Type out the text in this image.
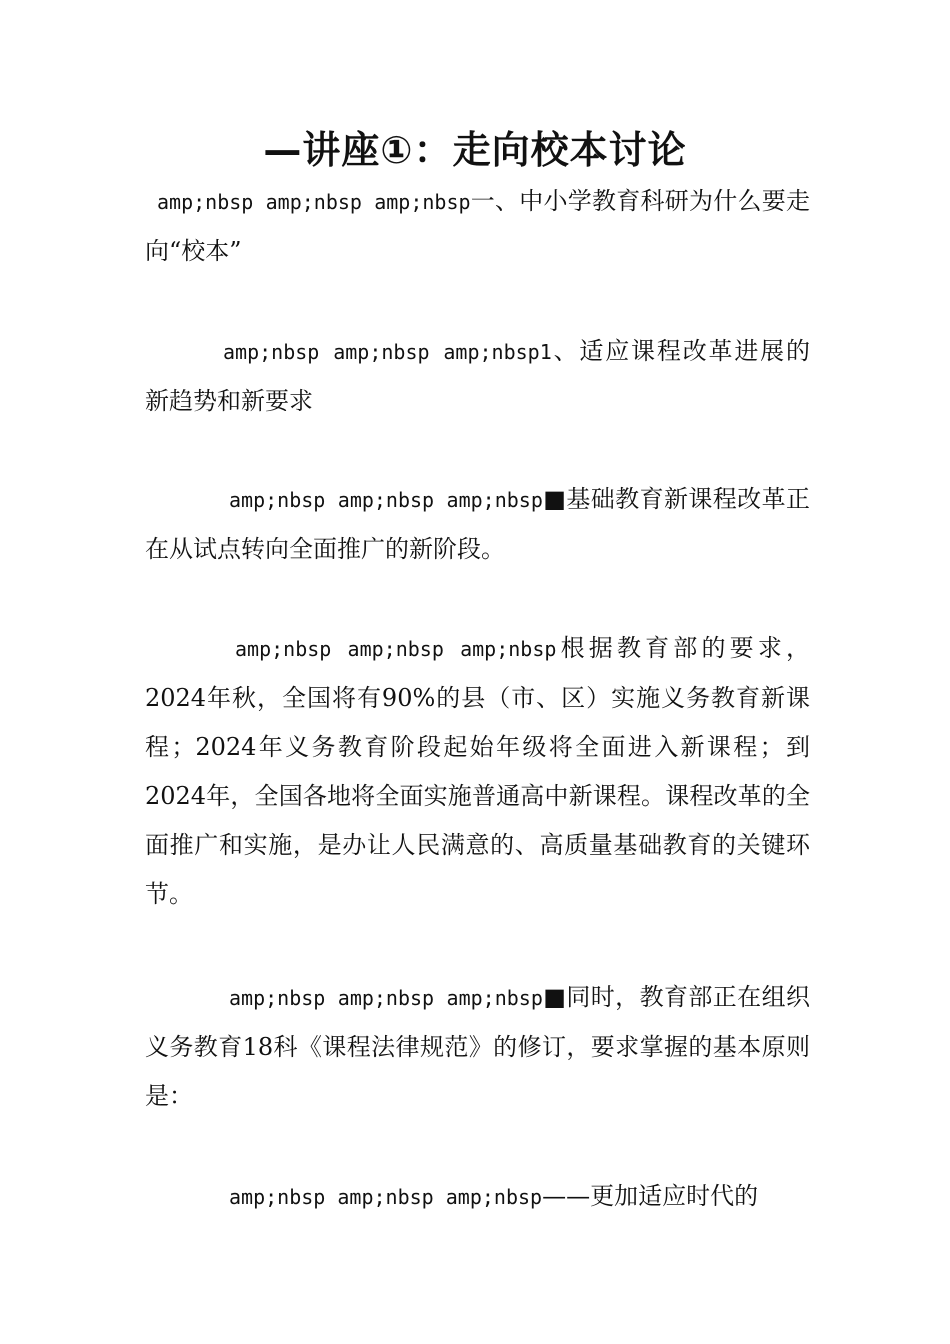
—讲座①：走向校本讨论
amp;nbsp amp;nbsp amp;nbsp一、中小学教育科研为什么要走向“校本”
amp;nbsp amp;nbsp amp;nbsp1、适应课程改革进展的新趋势和新要求
amp;nbsp amp;nbsp amp;nbsp■基础教育新课程改革正在从试点转向全面推广的新阶段。
amp;nbsp amp;nbsp amp;nbsp根据教育部的要求，2024年秋，全国将有90%的县（市、区）实施义务教育新课程；2024年义务教育阶段起始年级将全面进入新课程；到2024年，全国各地将全面实施普通高中新课程。课程改革的全面推广和实施，是办让人民满意的、高质量基础教育的关键环节。
amp;nbsp amp;nbsp amp;nbsp■同时，教育部正在组织义务教育18科《课程法律规范》的修订，要求掌握的基本原则是：
amp;nbsp amp;nbsp amp;nbsp——更加适应时代的
